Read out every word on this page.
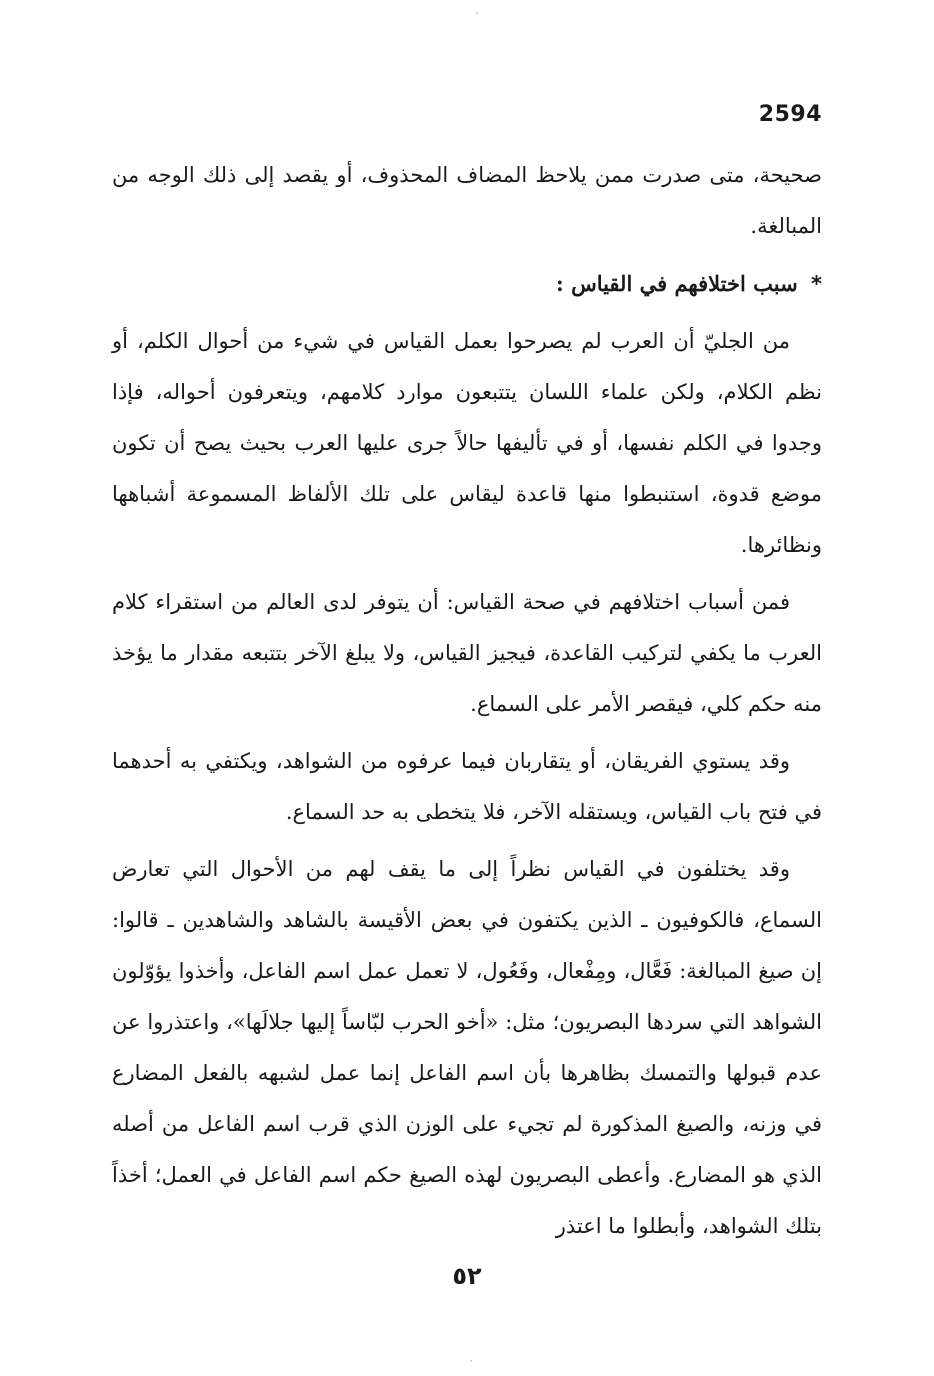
2594

صحيحة، متى صدرت ممن يلاحظ المضاف المحذوف، أو يقصد إلى ذلك الوجه من المبالغة.

* سبب اختلافهم في القياس :

من الجليّ أن العرب لم يصرحوا بعمل القياس في شيء من أحوال الكلم، أو نظم الكلام، ولكن علماء اللسان يتتبعون موارد كلامهم، ويتعرفون أحواله، فإذا وجدوا في الكلم نفسها، أو في تأليفها حالاً جرى عليها العرب بحيث يصح أن تكون موضع قدوة، استنبطوا منها قاعدة ليقاس على تلك الألفاظ المسموعة أشباهها ونظائرها.

فمن أسباب اختلافهم في صحة القياس: أن يتوفر لدى العالم من استقراء كلام العرب ما يكفي لتركيب القاعدة، فيجيز القياس، ولا يبلغ الآخر بتتبعه مقدار ما يؤخذ منه حكم كلي، فيقصر الأمر على السماع.

وقد يستوي الفريقان، أو يتقاربان فيما عرفوه من الشواهد، ويكتفي به أحدهما في فتح باب القياس، ويستقله الآخر، فلا يتخطى به حد السماع.

وقد يختلفون في القياس نظراً إلى ما يقف لهم من الأحوال التي تعارض السماع، فالكوفيون ـ الذين يكتفون في بعض الأقيسة بالشاهد والشاهدين ـ قالوا: إن صيغ المبالغة: فَعَّال، ومِفْعال، وفَعُول، لا تعمل عمل اسم الفاعل، وأخذوا يؤوّلون الشواهد التي سردها البصريون؛ مثل: «أخو الحرب لبّاساً إليها جلالَها»، واعتذروا عن عدم قبولها والتمسك بظاهرها بأن اسم الفاعل إنما عمل لشبهه بالفعل المضارع في وزنه، والصيغ المذكورة لم تجيء على الوزن الذي قرب اسم الفاعل من أصله الذي هو المضارع. وأعطى البصريون لهذه الصيغ حكم اسم الفاعل في العمل؛ أخذاً بتلك الشواهد، وأبطلوا ما اعتذر

٥٢
